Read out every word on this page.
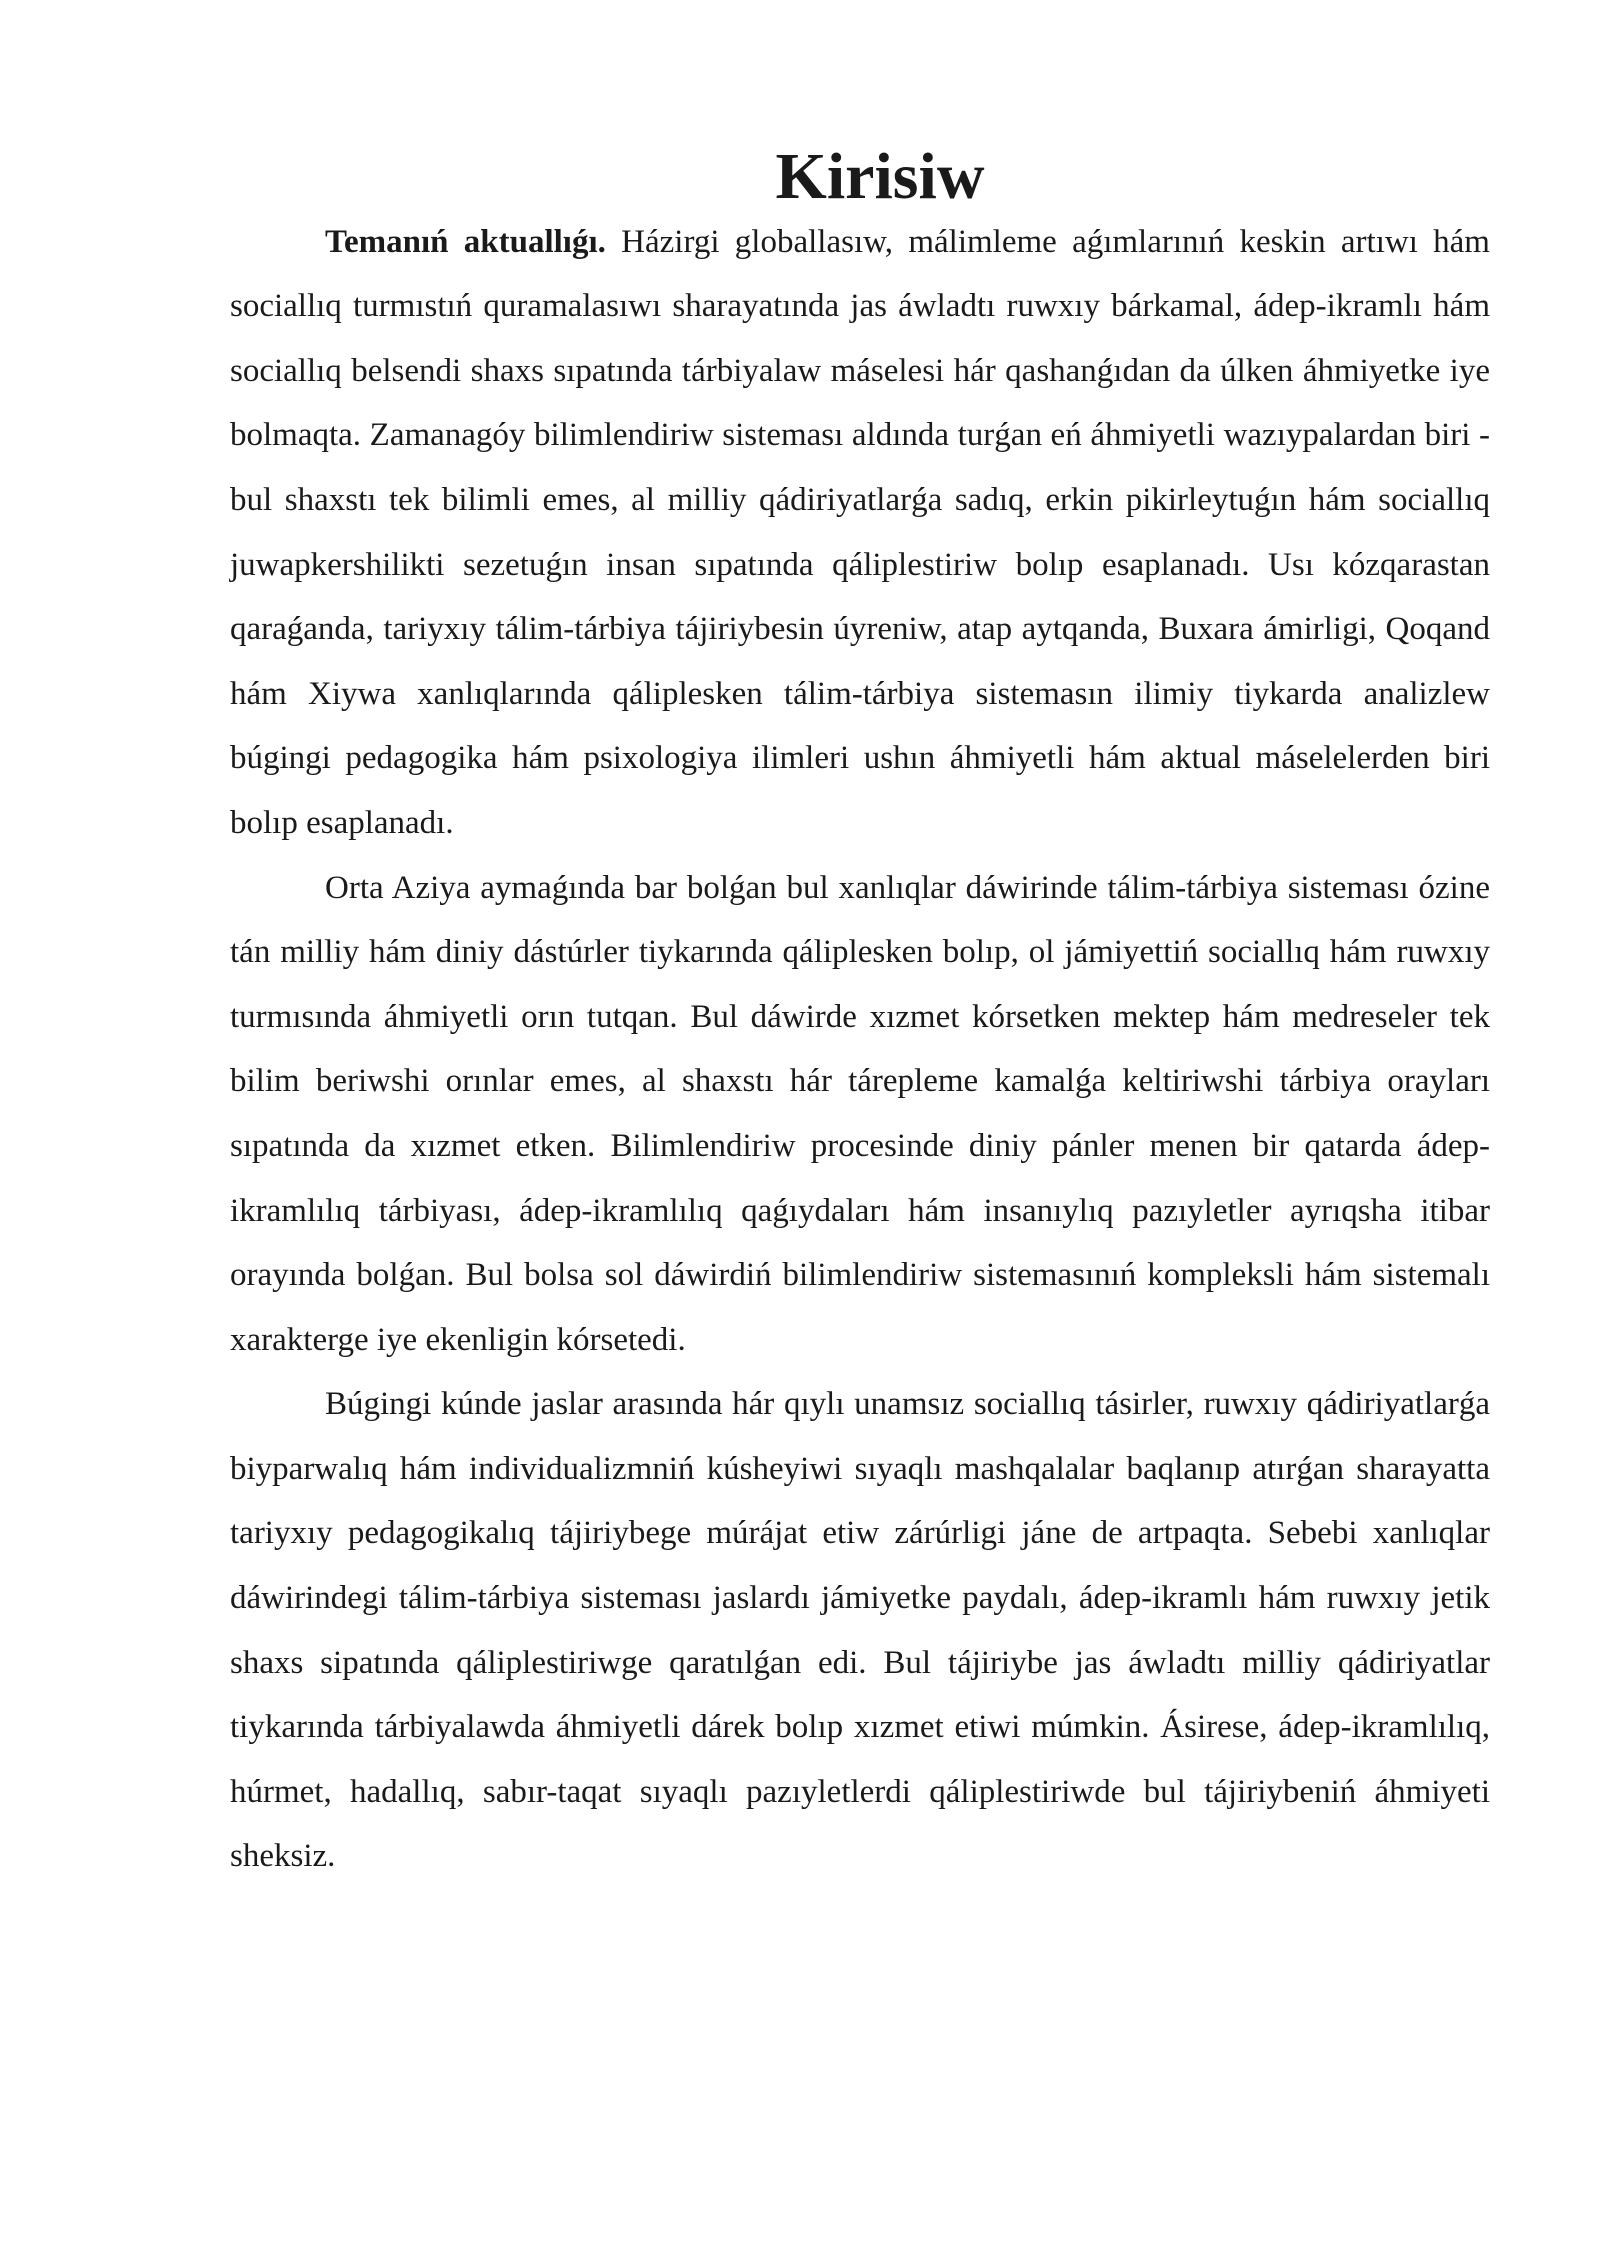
Kirisiw

Temanıń aktuallıǵı. Házirgi globallasıw, málimleme aǵımlarınıń keskin artıwı hám sociallıq turmıstıń quramalasıwı sharayatında jas áwladtı ruwxıy bárkamal, ádep-ikramlı hám sociallıq belsendi shaxs sıpatında tárbiyalaw máselesi hár qashanǵıdan da úlken áhmiyetke iye bolmaqta. Zamanagóy bilimlendiriw sisteması aldında turǵan eń áhmiyetli wazıypalardan biri - bul shaxstı tek bilimli emes, al milliy qádiriyatlarǵa sadıq, erkin pikirleytuǵın hám sociallıq juwapkershilikti sezetuǵın insan sıpatında qáliplestiriw bolıp esaplanadı. Usı kózqarastan qaraǵanda, tariyxıy tálim-tárbiya tájiriybesin úyreniw, atap aytqanda, Buxara ámirligi, Qoqand hám Xiywa xanlıqlarında qáliplesken tálim-tárbiya sistemasın ilimiy tiykarda analizlew búgingi pedagogika hám psixologiya ilimleri ushın áhmiyetli hám aktual máselelerden biri bolıp esaplanadı.

Orta Aziya aymaǵında bar bolǵan bul xanlıqlar dáwirinde tálim-tárbiya sisteması ózine tán milliy hám diniy dástúrler tiykarında qáliplesken bolıp, ol jámiyettiń sociallıq hám ruwxıy turmısında áhmiyetli orın tutqan. Bul dáwirde xızmet kórsetken mektep hám medreseler tek bilim beriwshi orınlar emes, al shaxstı hár tárepleme kamalǵa keltiriwshi tárbiya orayları sıpatında da xızmet etken. Bilimlendiriw procesinde diniy pánler menen bir qatarda ádep-ikramlılıq tárbiyası, ádep-ikramlılıq qaǵıydaları hám insanıylıq pazıyletler ayrıqsha itibar orayında bolǵan. Bul bolsa sol dáwirdiń bilimlendiriw sistemasınıń kompleksli hám sistemalı xarakterge iye ekenligin kórsetedi.

Búgingi kúnde jaslar arasında hár qıylı unamsız sociallıq tásirler, ruwxıy qádiriyatlarǵa biyparwalıq hám individualizmniń kúsheyiwi sıyaqlı mashqalalar baqlanıp atırǵan sharayatta tariyxıy pedagogikalıq tájiriybege múrájat etiw zárúrligi jáne de artpaqta. Sebebi xanlıqlar dáwirindegi tálim-tárbiya sisteması jaslardı jámiyetke paydalı, ádep-ikramlı hám ruwxıy jetik shaxs sipatında qáliplestiriwge qaratılǵan edi. Bul tájiriybe jas áwladtı milliy qádiriyatlar tiykarında tárbiyalawda áhmiyetli dárek bolıp xızmet etiwi múmkin. Ásirese, ádep-ikramlılıq, húrmet, hadallıq, sabır-taqat sıyaqlı pazıyletlerdi qáliplestiriwde bul tájiriybeniń áhmiyeti sheksiz.
